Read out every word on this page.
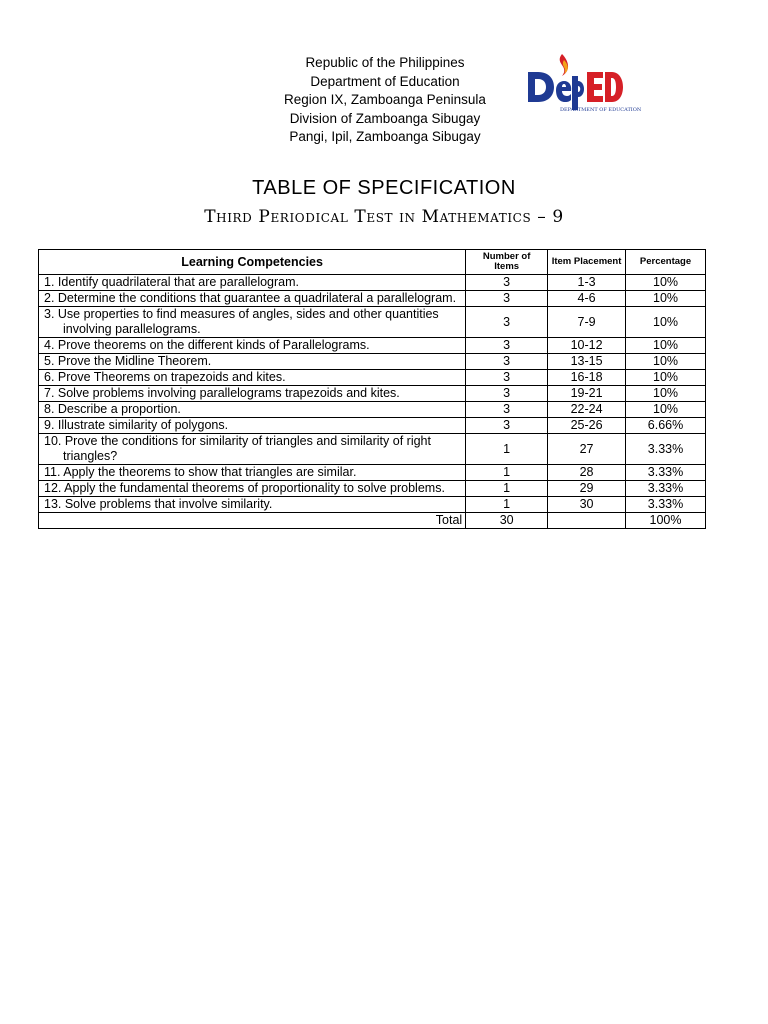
Republic of the Philippines
Department of Education
Region IX, Zamboanga Peninsula
Division of Zamboanga Sibugay
Pangi, Ipil, Zamboanga Sibugay
DEPARTMENT OF EDUCATION
TABLE OF SPECIFICATION
Third Periodical Test in Mathematics – 9
Learning Competencies	Number of Items	Item Placement	Percentage

1. Identify quadrilateral that are parallelogram.	3	1-3	10%

2. Determine the conditions that guarantee a quadrilateral a parallelogram.	3	4-6	10%

3. Use properties to find measures of angles, sides and other quantities involving parallelograms.	3	7-9	10%

4. Prove theorems on the different kinds of Parallelograms.	3	10-12	10%

5. Prove the Midline Theorem.	3	13-15	10%

6. Prove Theorems on trapezoids and kites.	3	16-18	10%

7. Solve problems involving parallelograms trapezoids and kites.	3	19-21	10%

8. Describe a proportion.	3	22-24	10%

9. Illustrate similarity of polygons.	3	25-26	6.66%

10. Prove the conditions for similarity of triangles and similarity of right triangles?	1	27	3.33%

11. Apply the theorems to show that triangles are similar.	1	28	3.33%

12. Apply the fundamental theorems of proportionality to solve problems.	1	29	3.33%

13. Solve problems that involve similarity.	1	30	3.33%
Total	30		100%
